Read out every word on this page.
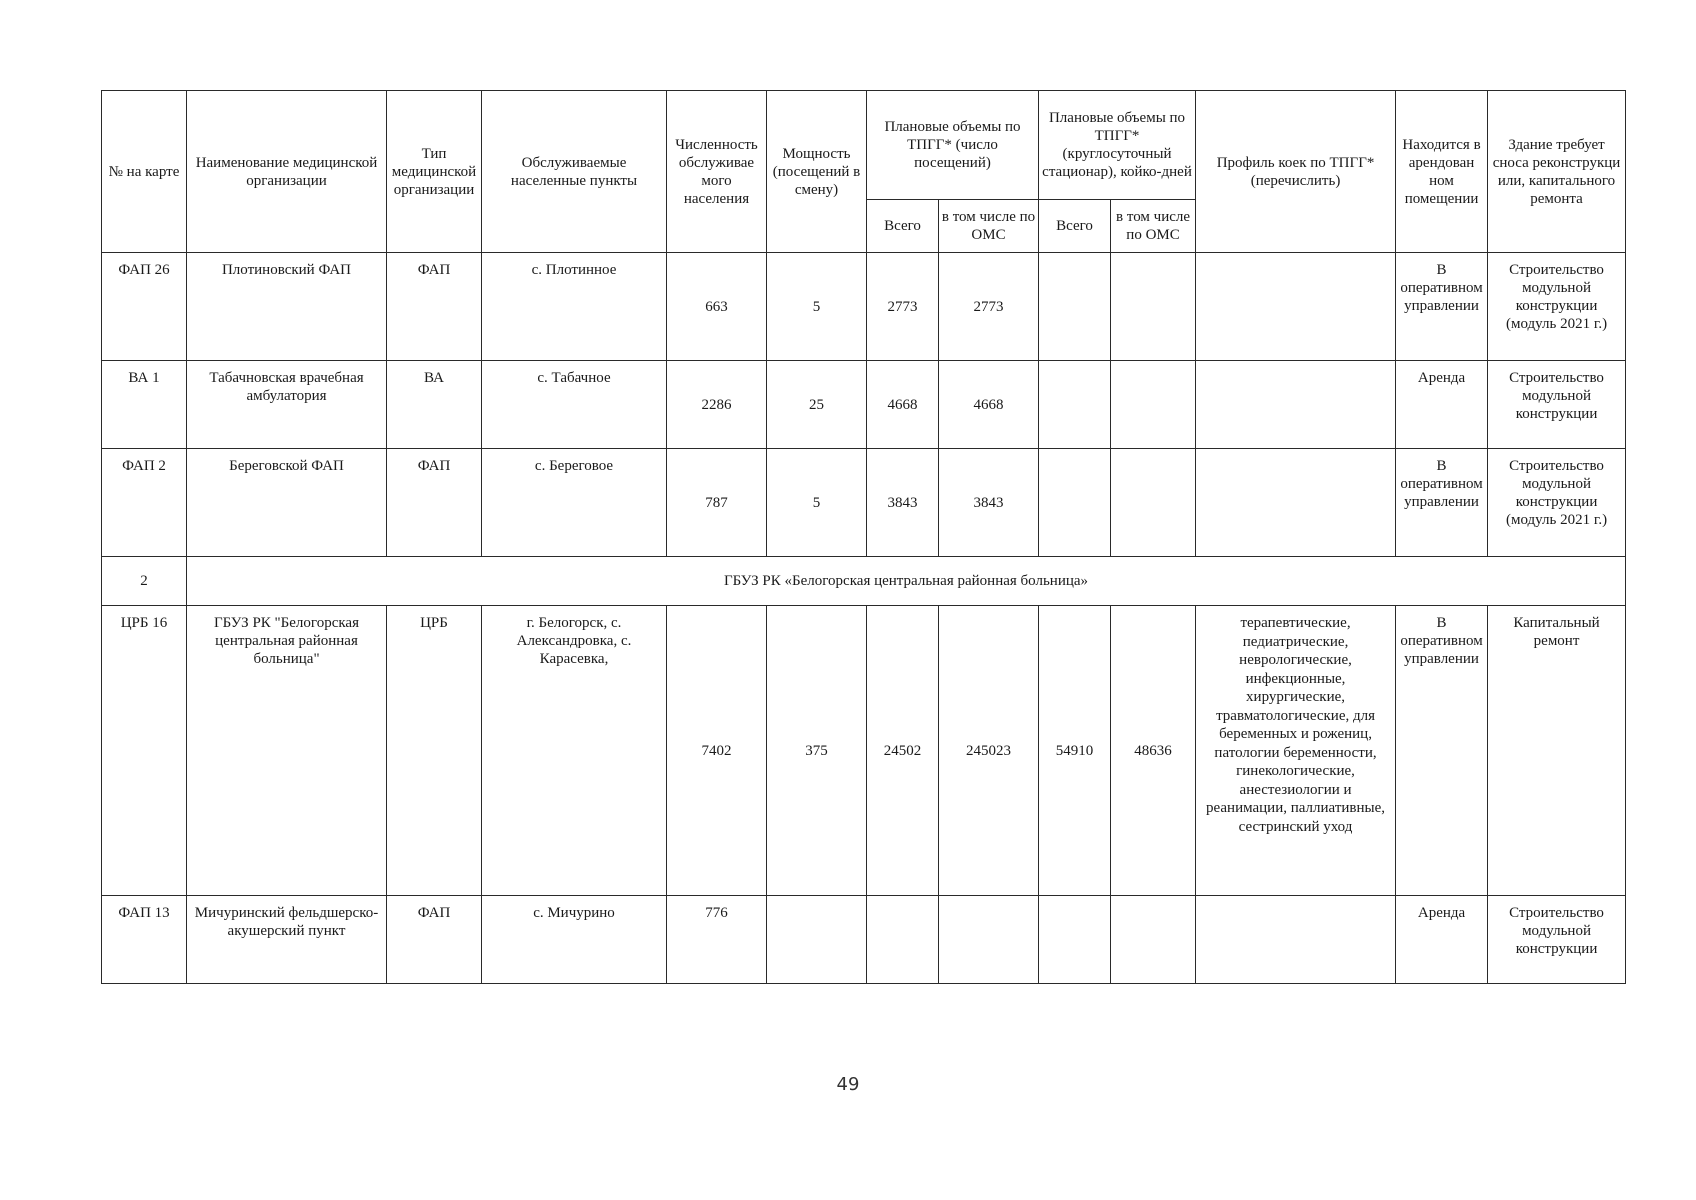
№ на карте	Наименование медицинской организации	Тип медицинской организации	Обслуживаемые населенные пункты	Численность обслуживае мого населения	Мощность (посещений в смену)	Плановые объемы по ТПГГ* (число посещений)		Плановые объемы по ТПГГ* (круглосуточный стационар), койко-дней		Профиль коек по ТПГГ* (перечислить)	Находится в арендован ном помещении	Здание требует сноса реконструкци или, капитального ремонта
						Всего	в том числе по ОМС	Всего	в том числе по ОМС			
ФАП 26	Плотиновский ФАП	ФАП	с. Плотинное	663	5	2773	2773				В оперативном управлении	Строительство модульной конструкции (модуль 2021 г.)
ВА 1	Табачновская врачебная амбулатория	ВА	с. Табачное	2286	25	4668	4668				Аренда	Строительство модульной конструкции
ФАП 2	Береговской ФАП	ФАП	с. Береговое	787	5	3843	3843				В оперативном управлении	Строительство модульной конструкции (модуль 2021 г.)
2	ГБУЗ РК «Белогорская центральная районная больница»											
ЦРБ 16	ГБУЗ РК "Белогорская центральная районная больница"	ЦРБ	г. Белогорск, с. Александровка, с. Карасевка,	7402	375	24502	245023	54910	48636	терапевтические, педиатрические, неврологические, инфекционные, хирургические, травматологические, для беременных и рожениц, патологии беременности, гинекологические, анестезиологии и реанимации, паллиативные, сестринский уход	В оперативном управлении	Капитальный ремонт
ФАП 13	Мичуринский фельдшерско-акушерский пункт	ФАП	с. Мичурино	776							Аренда	Строительство модульной конструкции
49
